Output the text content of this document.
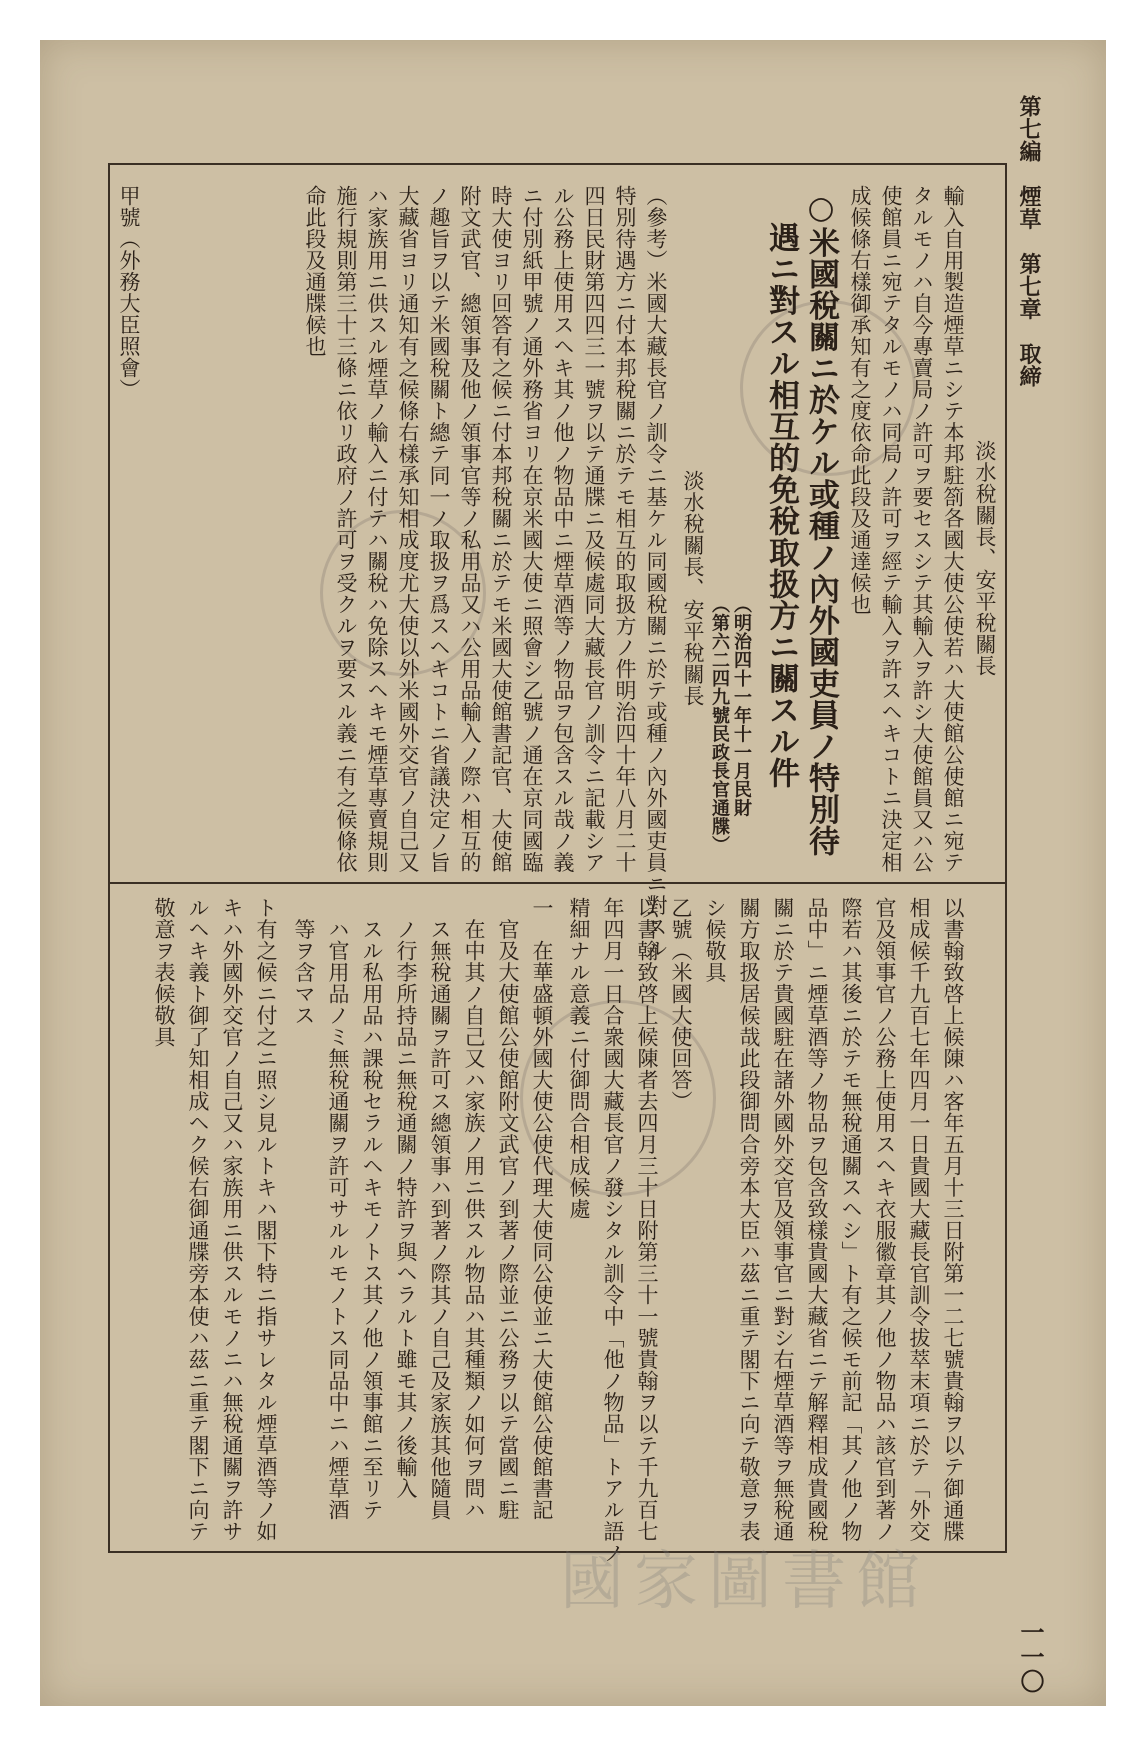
第七編　煙草　第七章　取締
一一〇
淡水稅關長、安平稅關長
輸入自用製造煙草ニシテ本邦駐箚各國大使公使若ハ大使館公使館ニ宛テ
タルモノハ自今專賣局ノ許可ヲ要セスシテ其輸入ヲ許シ大使館員又ハ公
使館員ニ宛テタルモノハ同局ノ許可ヲ經テ輸入ヲ許スヘキコトニ決定相
成候條右樣御承知有之度依命此段及通達候也
○米國稅關ニ於ケル或種ノ內外國吏員ノ特別待
　遇ニ對スル相互的免稅取扱方ニ關スル件
（明治四十一年十一月民財
（第六二四九號民政長官通牒）
淡水稅關長、安平稅關長
（參考）米國大藏長官ノ訓令ニ基ケル同國稅關ニ於テ或種ノ內外國吏員ニ對スル
特別待遇方ニ付本邦稅關ニ於テモ相互的取扱方ノ件明治四十年八月二十
四日民財第四四三一號ヲ以テ通牒ニ及候處同大藏長官ノ訓令ニ記載シア
ル公務上使用スヘキ其ノ他ノ物品中ニ煙草酒等ノ物品ヲ包含スル哉ノ義
ニ付別紙甲號ノ通外務省ヨリ在京米國大使ニ照會シ乙號ノ通在京同國臨
時大使ヨリ回答有之候ニ付本邦稅關ニ於テモ米國大使館書記官、大使館
附文武官、總領事及他ノ領事官等ノ私用品又ハ公用品輸入ノ際ハ相互的
ノ趣旨ヲ以テ米國稅關ト總テ同一ノ取扱ヲ爲スヘキコトニ省議決定ノ旨
大藏省ヨリ通知有之候條右樣承知相成度尤大使以外米國外交官ノ自己又
ハ家族用ニ供スル煙草ノ輸入ニ付テハ關稅ハ免除スヘキモ煙草專賣規則
施行規則第三十三條ニ依リ政府ノ許可ヲ受クルヲ要スル義ニ有之候條依
命此段及通牒候也
甲號（外務大臣照會）
以書翰致啓上候陳ハ客年五月十三日附第一二七號貴翰ヲ以テ御通牒
相成候千九百七年四月一日貴國大藏長官訓令拔萃末項ニ於テ「外交
官及領事官ノ公務上使用スヘキ衣服徽章其ノ他ノ物品ハ該官到著ノ
際若ハ其後ニ於テモ無稅通關スヘシ」ト有之候モ前記「其ノ他ノ物
品中」ニ煙草酒等ノ物品ヲ包含致樣貴國大藏省ニテ解釋相成貴國稅
關ニ於テ貴國駐在諸外國外交官及領事官ニ對シ右煙草酒等ヲ無稅通
關方取扱居候哉此段御問合旁本大臣ハ茲ニ重テ閣下ニ向テ敬意ヲ表
シ候敬具
乙號（米國大使回答）
以書翰致啓上候陳者去四月三十日附第三十一號貴翰ヲ以テ千九百七
年四月一日合衆國大藏長官ノ發シタル訓令中「他ノ物品」トアル語ノ
精細ナル意義ニ付御問合相成候處
一　在華盛頓外國大使公使代理大使同公使並ニ大使館公使館書記
　官及大使館公使館附文武官ノ到著ノ際並ニ公務ヲ以テ當國ニ駐
　在中其ノ自己又ハ家族ノ用ニ供スル物品ハ其種類ノ如何ヲ問ハ
　ス無稅通關ヲ許可ス總領事ハ到著ノ際其ノ自己及家族其他隨員
　ノ行李所持品ニ無稅通關ノ特許ヲ與ヘラルト雖モ其ノ後輸入
　スル私用品ハ課稅セラルヘキモノトス其ノ他ノ領事館ニ至リテ
　ハ官用品ノミ無稅通關ヲ許可サルルモノトス同品中ニハ煙草酒
　等ヲ含マス
ト有之候ニ付之ニ照シ見ルトキハ閣下特ニ指サレタル煙草酒等ノ如
キハ外國外交官ノ自己又ハ家族用ニ供スルモノニハ無稅通關ヲ許サ
ルヘキ義ト御了知相成ヘク候右御通牒旁本使ハ茲ニ重テ閣下ニ向テ
敬意ヲ表候敬具
國家圖書館
